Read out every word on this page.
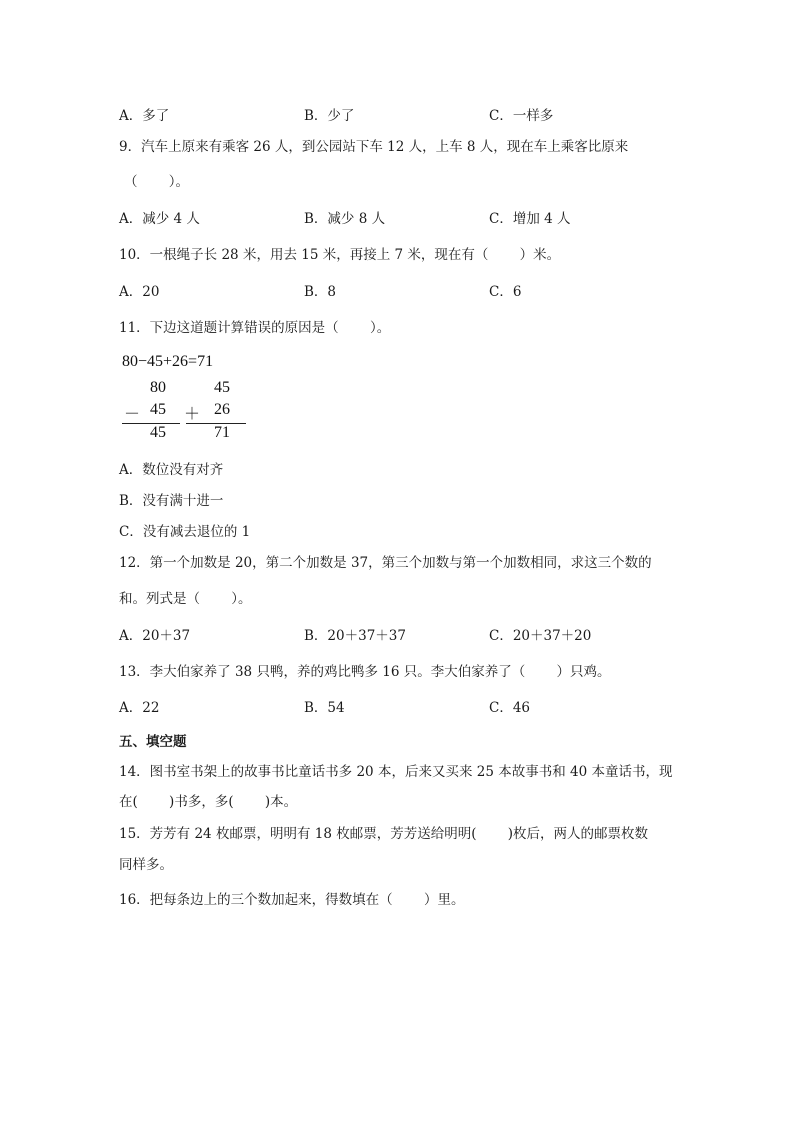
A．多了	B．少了	C．一样多
9．汽车上原来有乘客 26 人，到公园站下车 12 人，上车 8 人，现在车上乘客比原来
（　　 ）。
A．减少 4 人	B．减少 8 人	C．增加 4 人
10．一根绳子长 28 米，用去 15 米，再接上 7 米，现在有（　　 ）米。
A．20	B．8	C．6
11．下边这道题计算错误的原因是（　　 ）。
80−45+26=71
80
－ 45
45
45
＋ 26
71
A．数位没有对齐
B．没有满十进一
C．没有减去退位的 1
12．第一个加数是 20，第二个加数是 37，第三个加数与第一个加数相同，求这三个数的
和。列式是（　　 ）。
A．20＋37	B．20＋37＋37	C．20＋37＋20
13．李大伯家养了 38 只鸭，养的鸡比鸭多 16 只。李大伯家养了（　　 ）只鸡。
A．22	B．54	C．46
五、填空题
14．图书室书架上的故事书比童话书多 20 本，后来又买来 25 本故事书和 40 本童话书，现
在(　　 )书多，多(　　 )本。
15．芳芳有 24 枚邮票，明明有 18 枚邮票，芳芳送给明明(　　 )枚后，两人的邮票枚数
同样多。
16．把每条边上的三个数加起来，得数填在（　　 ）里。
